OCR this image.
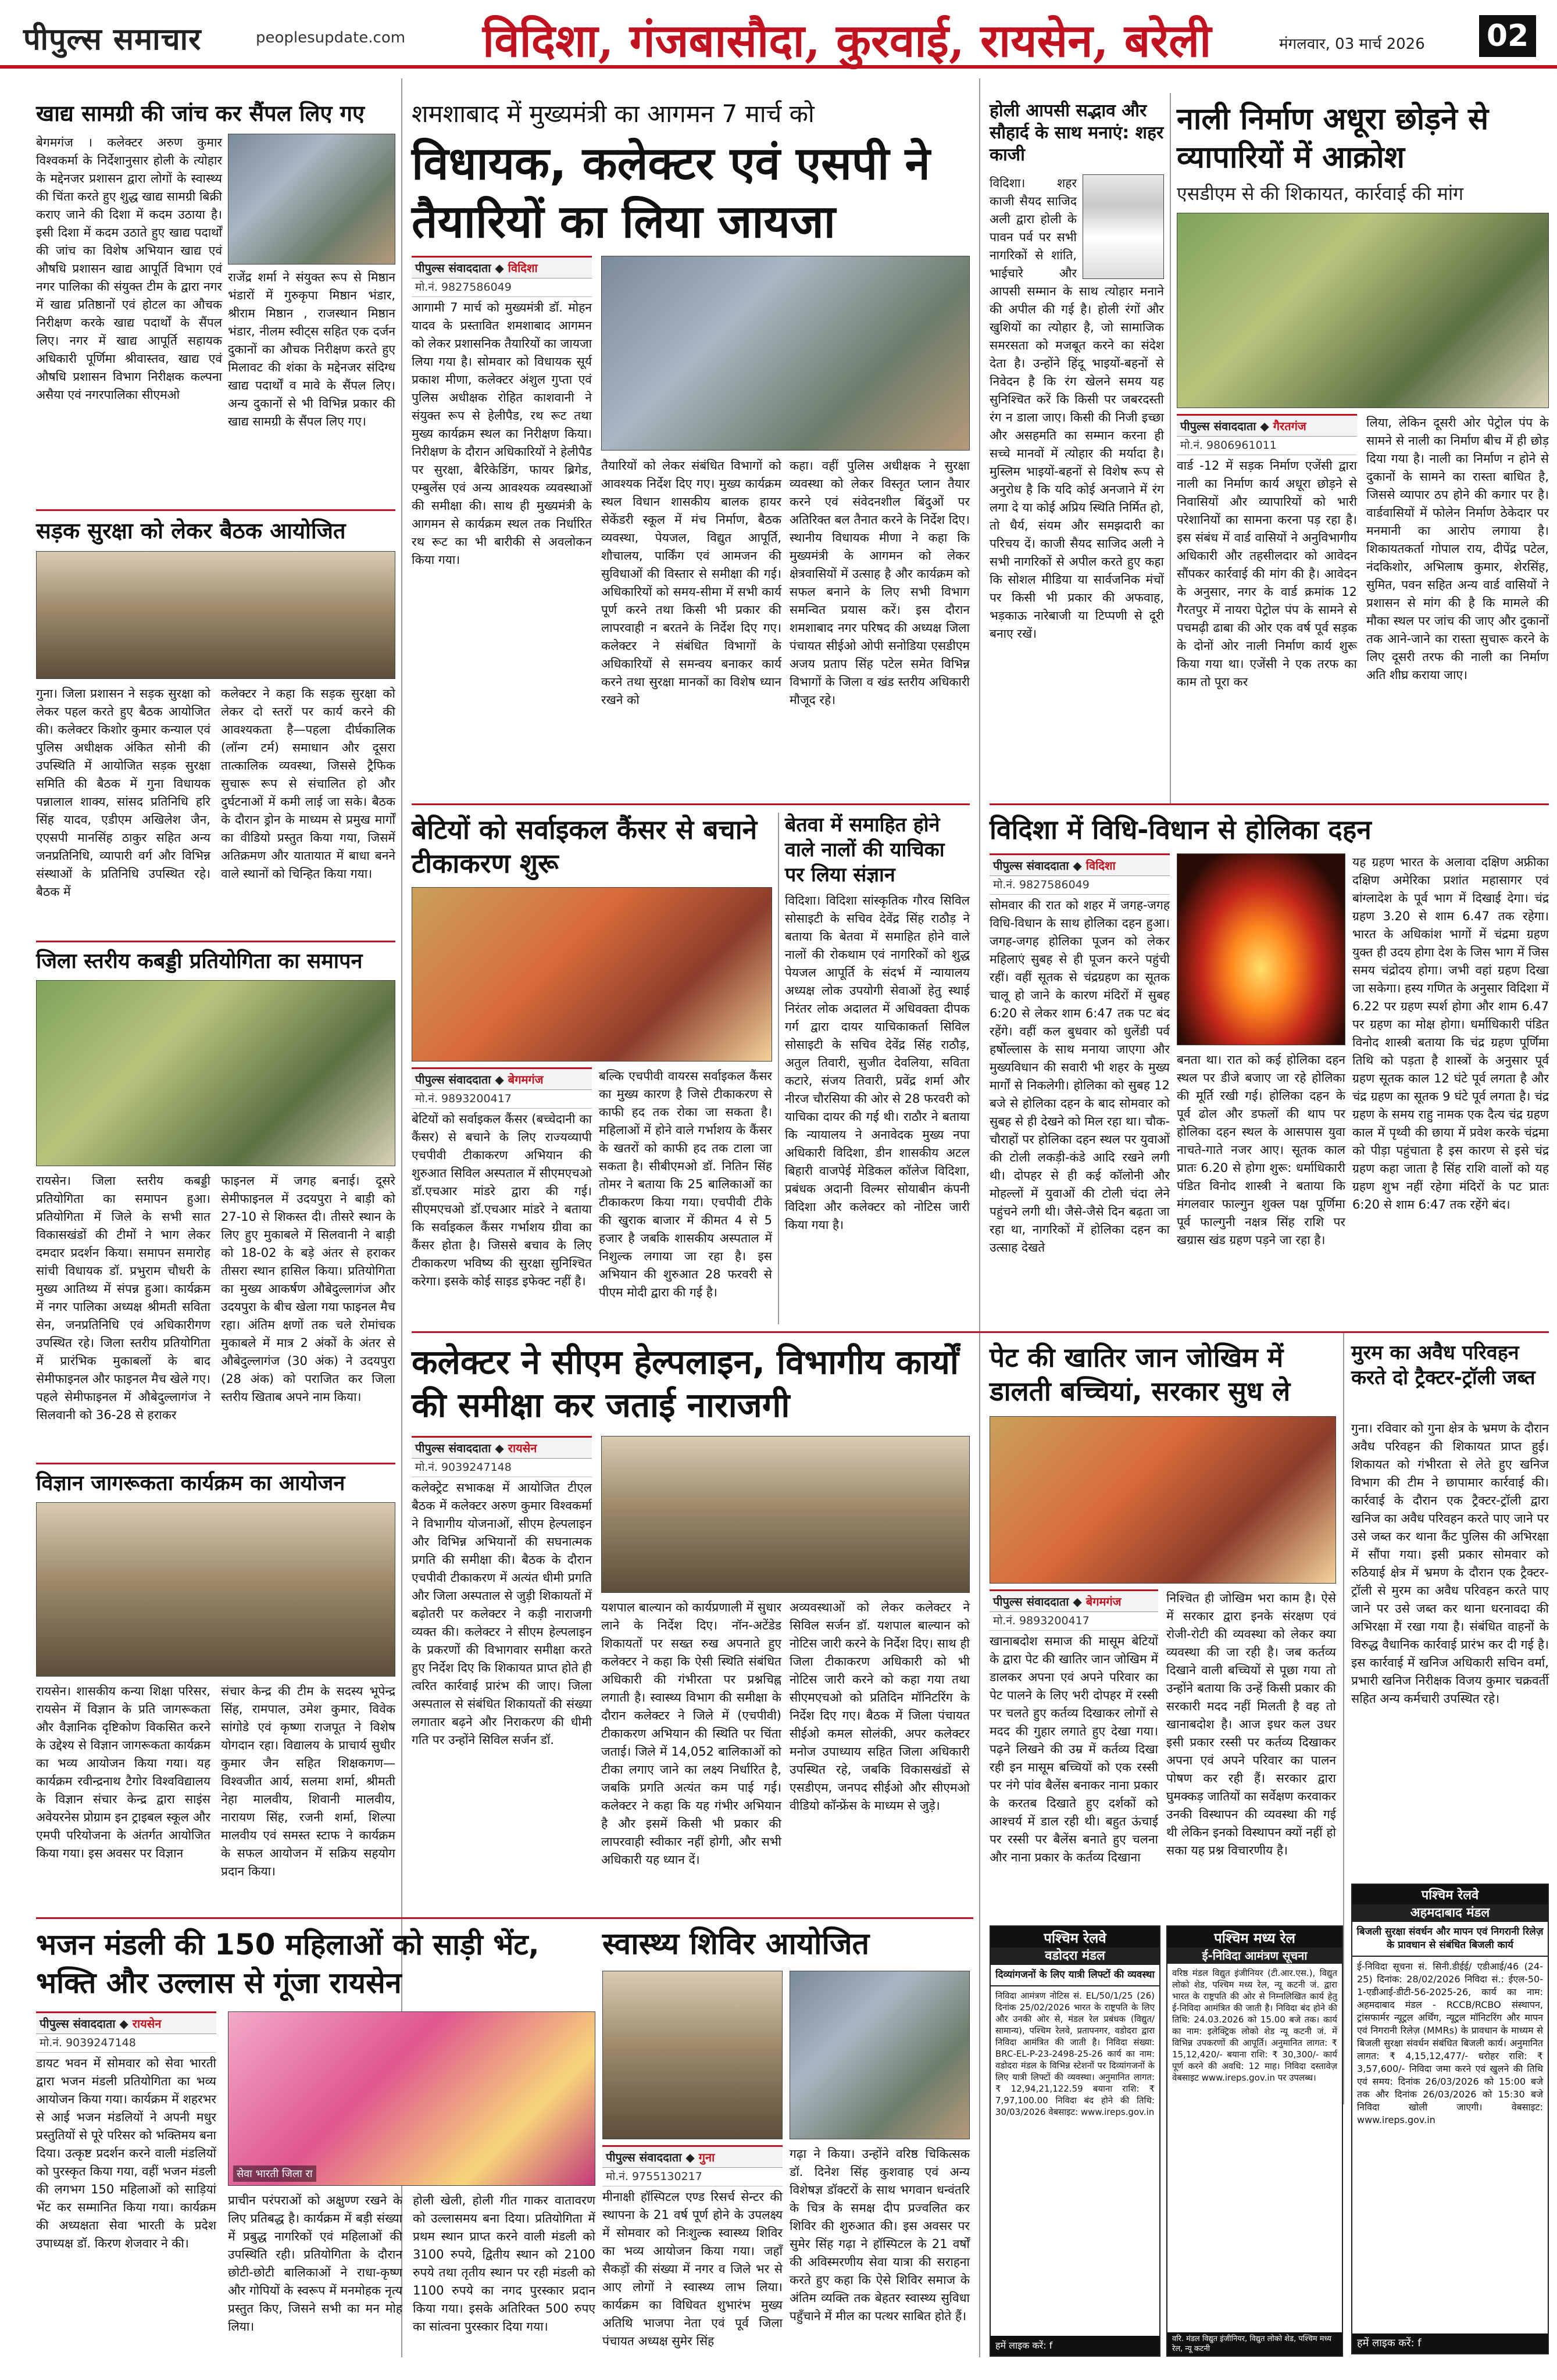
पीपुल्स समाचार	peoplesupdate.com विदिशा, गंजबासौदा, कुरवाई, रायसेन, बरेली	मंगलवार, 03 मार्च 2026 02
खाद्य सामग्री की जांच कर सैंपल लिए गए
बेगमगंज । कलेक्टर अरुण कुमार विश्वकर्मा के निर्देशानुसार होली के त्योहार के मद्देनजर प्रशासन द्वारा लोगों के स्वास्थ्य की चिंता करते हुए शुद्ध खाद्य सामग्री बिक्री कराए जाने की दिशा में कदम उठाया है। इसी दिशा में कदम उठाते हुए खाद्य पदार्थों की जांच का विशेष अभियान खाद्य एवं औषधि प्रशासन खाद्य आपूर्ति विभाग एवं नगर पालिका की संयुक्त टीम के द्वारा नगर में खाद्य प्रतिष्ठानों एवं होटल का औचक निरीक्षण करके खाद्य पदार्थों के सैंपल लिए। नगर में खाद्य आपूर्ति सहायक अधिकारी पूर्णिमा श्रीवास्तव, खाद्य एवं औषधि प्रशासन विभाग निरीक्षक कल्पना असैया एवं नगरपालिका सीएमओ
राजेंद्र शर्मा ने संयुक्त रूप से मिष्ठान भंडारों में गुरुकृपा मिष्ठान भंडार, श्रीराम मिष्ठान , राजस्थान मिष्ठान भंडार, नीलम स्वीट्स सहित एक दर्जन दुकानों का औचक निरीक्षण करते हुए मिलावट की शंका के मद्देनजर संदिग्ध खाद्य पदार्थों व मावे के सैंपल लिए। अन्य दुकानों से भी विभिन्न प्रकार की खाद्य सामग्री के सैंपल लिए गए।
सड़क सुरक्षा को लेकर बैठक आयोजित
गुना। जिला प्रशासन ने सड़क सुरक्षा को लेकर पहल करते हुए बैठक आयोजित की। कलेक्टर किशोर कुमार कन्याल एवं पुलिस अधीक्षक अंकित सोनी की उपस्थिति में आयोजित सड़क सुरक्षा समिति की बैठक में गुना विधायक पन्नालाल शाक्य, सांसद प्रतिनिधि हरि सिंह यादव, एडीएम अखिलेश जैन, एएसपी मानसिंह ठाकुर सहित अन्य जनप्रतिनिधि, व्यापारी वर्ग और विभिन्न संस्थाओं के प्रतिनिधि उपस्थित रहे। बैठक में
कलेक्टर ने कहा कि सड़क सुरक्षा को लेकर दो स्तरों पर कार्य करने की आवश्यकता है—पहला दीर्घकालिक (लॉन्ग टर्म) समाधान और दूसरा तात्कालिक व्यवस्था, जिससे ट्रैफिक सुचारू रूप से संचालित हो और दुर्घटनाओं में कमी लाई जा सके। बैठक के दौरान ड्रोन के माध्यम से प्रमुख मार्गों का वीडियो प्रस्तुत किया गया, जिसमें अतिक्रमण और यातायात में बाधा बनने वाले स्थानों को चिन्हित किया गया।
जिला स्तरीय कबड्डी प्रतियोगिता का समापन
रायसेन। जिला स्तरीय कबड्डी प्रतियोगिता का समापन हुआ। प्रतियोगिता में जिले के सभी सात विकासखंडों की टीमों ने भाग लेकर दमदार प्रदर्शन किया। समापन समारोह सांची विधायक डॉ. प्रभुराम चौधरी के मुख्य आतिथ्य में संपन्न हुआ। कार्यक्रम में नगर पालिका अध्यक्ष श्रीमती सविता सेन, जनप्रतिनिधि एवं अधिकारीगण उपस्थित रहे। जिला स्तरीय प्रतियोगिता में प्रारंभिक मुकाबलों के बाद सेमीफाइनल और फाइनल मैच खेले गए। पहले सेमीफाइनल में औबेदुल्लागंज ने सिलवानी को 36-28 से हराकर
फाइनल में जगह बनाई। दूसरे सेमीफाइनल में उदयपुरा ने बाड़ी को 27-10 से शिकस्त दी। तीसरे स्थान के लिए हुए मुकाबले में सिलवानी ने बाड़ी को 18-02 के बड़े अंतर से हराकर तीसरा स्थान हासिल किया। प्रतियोगिता का मुख्य आकर्षण औबेदुल्लागंज और उदयपुरा के बीच खेला गया फाइनल मैच रहा। अंतिम क्षणों तक चले रोमांचक मुकाबले में मात्र 2 अंकों के अंतर से औबेदुल्लागंज (30 अंक) ने उदयपुरा (28 अंक) को पराजित कर जिला स्तरीय खिताब अपने नाम किया।
विज्ञान जागरूकता कार्यक्रम का आयोजन
रायसेन। शासकीय कन्या शिक्षा परिसर, रायसेन में विज्ञान के प्रति जागरूकता और वैज्ञानिक दृष्टिकोण विकसित करने के उद्देश्य से विज्ञान जागरूकता कार्यक्रम का भव्य आयोजन किया गया। यह कार्यक्रम रवीन्द्रनाथ टैगोर विश्वविद्यालय के विज्ञान संचार केन्द्र द्वारा साइंस अवेयरनेस प्रोग्राम इन ट्राइबल स्कूल और एमपी परियोजना के अंतर्गत आयोजित किया गया। इस अवसर पर विज्ञान
संचार केन्द्र की टीम के सदस्य भूपेन्द्र सिंह, रामपाल, उमेश कुमार, विवेक सांगोडे एवं कृष्णा राजपूत ने विशेष योगदान रहा। विद्यालय के प्राचार्य सुधीर कुमार जैन सहित शिक्षकगण—विश्वजीत आर्य, सलमा शर्मा, श्रीमती नेहा मालवीय, शिवानी मालवीय, नारायण सिंह, रजनी शर्मा, शिल्पा मालवीय एवं समस्त स्टाफ ने कार्यक्रम के सफल आयोजन में सक्रिय सहयोग प्रदान किया।
भजन मंडली की 150 महिलाओं को साड़ी भेंट, भक्ति और उल्लास से गूंजा रायसेन
पीपुल्स संवाददाता ◆ रायसेन
मो.नं. 9039247148
डायट भवन में सोमवार को सेवा भारती द्वारा भजन मंडली प्रतियोगिता का भव्य आयोजन किया गया। कार्यक्रम में शहरभर से आई भजन मंडलियों ने अपनी मधुर प्रस्तुतियों से पूरे परिसर को भक्तिमय बना दिया। उत्कृष्ट प्रदर्शन करने वाली मंडलियों को पुरस्कृत किया गया, वहीं भजन मंडली की लगभग 150 महिलाओं को साड़ियां भेंट कर सम्मानित किया गया। कार्यक्रम की अध्यक्षता सेवा भारती के प्रदेश उपाध्यक्ष डॉ. किरण शेजवार ने की।
सेवा भारती जिला रा
प्राचीन परंपराओं को अक्षुण्ण रखने के लिए प्रतिबद्ध है। कार्यक्रम में बड़ी संख्या में प्रबुद्ध नागरिकों एवं महिलाओं की उपस्थिति रही। प्रतियोगिता के दौरान छोटी-छोटी बालिकाओं ने राधा-कृष्ण और गोपियों के स्वरूप में मनमोहक नृत्य प्रस्तुत किए, जिसने सभी का मन मोह लिया।
होली खेली, होली गीत गाकर वातावरण को उल्लासमय बना दिया। प्रतियोगिता में प्रथम स्थान प्राप्त करने वाली मंडली को 3100 रुपये, द्वितीय स्थान को 2100 रुपये तथा तृतीय स्थान पर रही मंडली को 1100 रुपये का नगद पुरस्कार प्रदान किया गया। इसके अतिरिक्त 500 रुपए का सांत्वना पुरस्कार दिया गया।
शमशाबाद में मुख्यमंत्री का आगमन 7 मार्च को
विधायक, कलेक्टर एवं एसपी ने तैयारियों का लिया जायजा
पीपुल्स संवाददाता ◆ विदिशा
मो.नं. 9827586049
आगामी 7 मार्च को मुख्यमंत्री डॉ. मोहन यादव के प्रस्तावित शमशाबाद आगमन को लेकर प्रशासनिक तैयारियों का जायजा लिया गया है। सोमवार को विधायक सूर्य प्रकाश मीणा, कलेक्टर अंशुल गुप्ता एवं पुलिस अधीक्षक रोहित काशवानी ने संयुक्त रूप से हेलीपैड, रथ रूट तथा मुख्य कार्यक्रम स्थल का निरीक्षण किया। निरीक्षण के दौरान अधिकारियों ने हेलीपैड पर सुरक्षा, बैरिकेडिंग, फायर ब्रिगेड, एम्बुलेंस एवं अन्य आवश्यक व्यवस्थाओं की समीक्षा की। साथ ही मुख्यमंत्री के आगमन से कार्यक्रम स्थल तक निर्धारित रथ रूट का भी बारीकी से अवलोकन किया गया।
तैयारियों को लेकर संबंधित विभागों को आवश्यक निर्देश दिए गए। मुख्य कार्यक्रम स्थल विधान शासकीय बालक हायर सेकेंडरी स्कूल में मंच निर्माण, बैठक व्यवस्था, पेयजल, विद्युत आपूर्ति, शौचालय, पार्किंग एवं आमजन की सुविधाओं की विस्तार से समीक्षा की गई। अधिकारियों को समय-सीमा में सभी कार्य पूर्ण करने तथा किसी भी प्रकार की लापरवाही न बरतने के निर्देश दिए गए। कलेक्टर ने संबंधित विभागों के अधिकारियों से समन्वय बनाकर कार्य करने तथा सुरक्षा मानकों का विशेष ध्यान रखने को
कहा। वहीं पुलिस अधीक्षक ने सुरक्षा व्यवस्था को लेकर विस्तृत प्लान तैयार करने एवं संवेदनशील बिंदुओं पर अतिरिक्त बल तैनात करने के निर्देश दिए। स्थानीय विधायक मीणा ने कहा कि मुख्यमंत्री के आगमन को लेकर क्षेत्रवासियों में उत्साह है और कार्यक्रम को सफल बनाने के लिए सभी विभाग समन्वित प्रयास करें। इस दौरान शमशाबाद नगर परिषद की अध्यक्ष जिला पंचायत सीईओ ओपी सनोडिया एसडीएम अजय प्रताप सिंह पटेल समेत विभिन्न विभागों के जिला व खंड स्तरीय अधिकारी मौजूद रहे।
बेटियों को सर्वाइकल कैंसर से बचाने टीकाकरण शुरू
पीपुल्स संवाददाता ◆ बेगमगंज
मो.नं. 9893200417
बेटियों को सर्वाइकल कैंसर (बच्चेदानी का कैंसर) से बचाने के लिए राज्यव्यापी एचपीवी टीकाकरण अभियान की शुरुआत सिविल अस्पताल में सीएमएचओ डॉ.एचआर मांडरे द्वारा की गई। सीएमएचओ डॉ.एचआर मांडरे ने बताया कि सर्वाइकल कैंसर गर्भाशय ग्रीवा का कैंसर होता है। जिससे बचाव के लिए टीकाकरण भविष्य की सुरक्षा सुनिश्चित करेगा। इसके कोई साइड इफेक्ट नहीं है।
बल्कि एचपीवी वायरस सर्वाइकल कैंसर का मुख्य कारण है जिसे टीकाकरण से काफी हद तक रोका जा सकता है। महिलाओं में होने वाले गर्भाशय के कैंसर के खतरों को काफी हद तक टाला जा सकता है। सीबीएमओ डॉ. नितिन सिंह तोमर ने बताया कि 25 बालिकाओं का टीकाकरण किया गया। एचपीवी टीके की खुराक बाजार में कीमत 4 से 5 हजार है जबकि शासकीय अस्पताल में निशुल्क लगाया जा रहा है। इस अभियान की शुरुआत 28 फरवरी से पीएम मोदी द्वारा की गई है।
बेतवा में समाहित होने वाले नालों की याचिका पर लिया संज्ञान
विदिशा। विदिशा सांस्कृतिक गौरव सिविल सोसाइटी के सचिव देवेंद्र सिंह राठौड़ ने बताया कि बेतवा में समाहित होने वाले नालों की रोकथाम एवं नागरिकों को शुद्ध पेयजल आपूर्ति के संदर्भ में न्यायालय अध्यक्ष लोक उपयोगी सेवाओं हेतु स्थाई निरंतर लोक अदालत में अधिवक्ता दीपक गर्ग द्वारा दायर याचिकाकर्ता सिविल सोसाइटी के सचिव देवेंद्र सिंह राठौड़, अतुल तिवारी, सुजीत देवलिया, सविता कटारे, संजय तिवारी, प्रवेंद्र शर्मा और नीरज चौरसिया की ओर से 28 फरवरी को याचिका दायर की गई थी। राठौर ने बताया कि न्यायालय ने अनावेदक मुख्य नपा अधिकारी विदिशा, डीन शासकीय अटल बिहारी वाजपेई मेडिकल कॉलेज विदिशा, प्रबंधक अदानी विल्मर सोयाबीन कंपनी विदिशा और कलेक्टर को नोटिस जारी किया गया है।
कलेक्टर ने सीएम हेल्पलाइन, विभागीय कार्यों की समीक्षा कर जताई नाराजगी
पीपुल्स संवाददाता ◆ रायसेन
मो.नं. 9039247148
कलेक्ट्रेट सभाकक्ष में आयोजित टीएल बैठक में कलेक्टर अरुण कुमार विश्वकर्मा ने विभागीय योजनाओं, सीएम हेल्पलाइन और विभिन्न अभियानों की सघनात्मक प्रगति की समीक्षा की। बैठक के दौरान एचपीवी टीकाकरण में अत्यंत धीमी प्रगति और जिला अस्पताल से जुड़ी शिकायतों में बढ़ोतरी पर कलेक्टर ने कड़ी नाराजगी व्यक्त की। कलेक्टर ने सीएम हेल्पलाइन के प्रकरणों की विभागवार समीक्षा करते हुए निर्देश दिए कि शिकायत प्राप्त होते ही त्वरित कार्रवाई प्रारंभ की जाए। जिला अस्पताल से संबंधित शिकायतों की संख्या लगातार बढ़ने और निराकरण की धीमी गति पर उन्होंने सिविल सर्जन डॉ.
यशपाल बाल्यान को कार्यप्रणाली में सुधार लाने के निर्देश दिए। नॉन-अटेंडेड शिकायतों पर सख्त रुख अपनाते हुए कलेक्टर ने कहा कि ऐसी स्थिति संबंधित अधिकारी की गंभीरता पर प्रश्नचिह्न लगाती है। स्वास्थ्य विभाग की समीक्षा के दौरान कलेक्टर ने जिले में (एचपीवी) टीकाकरण अभियान की स्थिति पर चिंता जताई। जिले में 14,052 बालिकाओं को टीका लगाए जाने का लक्ष्य निर्धारित है, जबकि प्रगति अत्यंत कम पाई गई। कलेक्टर ने कहा कि यह गंभीर अभियान है और इसमें किसी भी प्रकार की लापरवाही स्वीकार नहीं होगी, और सभी अधिकारी यह ध्यान दें।
अव्यवस्थाओं को लेकर कलेक्टर ने सिविल सर्जन डॉ. यशपाल बाल्यान को नोटिस जारी करने के निर्देश दिए। साथ ही जिला टीकाकरण अधिकारी को भी नोटिस जारी करने को कहा गया तथा सीएमएचओ को प्रतिदिन मॉनिटरिंग के निर्देश दिए गए। बैठक में जिला पंचायत सीईओ कमल सोलंकी, अपर कलेक्टर मनोज उपाध्याय सहित जिला अधिकारी उपस्थित रहे, जबकि विकासखंडों से एसडीएम, जनपद सीईओ और सीएमओ वीडियो कॉन्फ्रेंस के माध्यम से जुड़े।
स्वास्थ्य शिविर आयोजित
पीपुल्स संवाददाता ◆ गुना
मो.नं. 9755130217
मीनाक्षी हॉस्पिटल एण्ड रिसर्च सेन्टर की स्थापना के 21 वर्ष पूर्ण होने के उपलक्ष्य में सोमवार को निःशुल्क स्वास्थ्य शिविर का भव्य आयोजन किया गया। जहाँ सैकड़ों की संख्या में नगर व जिले भर से आए लोगों ने स्वास्थ्य लाभ लिया। कार्यक्रम का विधिवत शुभारंभ मुख्य अतिथि भाजपा नेता एवं पूर्व जिला पंचायत अध्यक्ष सुमेर सिंह
गढ़ा ने किया। उन्होंने वरिष्ठ चिकित्सक डॉ. दिनेश सिंह कुशवाह एवं अन्य विशेषज्ञ डॉक्टरों के साथ भगवान धन्वंतरि के चित्र के समक्ष दीप प्रज्वलित कर शिविर की शुरुआत की। इस अवसर पर सुमेर सिंह गढ़ा ने हॉस्पिटल के 21 वर्षों की अविस्मरणीय सेवा यात्रा की सराहना करते हुए कहा कि ऐसे शिविर समाज के अंतिम व्यक्ति तक बेहतर स्वास्थ्य सुविधा पहुँचाने में मील का पत्थर साबित होते हैं।
होली आपसी सद्भाव और सौहार्द के साथ मनाएं: शहर काजी
विदिशा। शहर काजी सैयद साजिद अली द्वारा होली के पावन पर्व पर सभी नागरिकों से शांति, भाईचारे और आपसी सम्मान के साथ त्योहार मनाने की अपील की गई है। होली रंगों और खुशियों का त्योहार है, जो सामाजिक समरसता को मजबूत करने का संदेश देता है। उन्होंने हिंदू भाइयों-बहनों से निवेदन है कि रंग खेलने समय यह सुनिश्चित करें कि किसी पर जबरदस्ती रंग न डाला जाए। किसी की निजी इच्छा और असहमति का सम्मान करना ही सच्चे मानवों में त्योहार की मर्यादा है। मुस्लिम भाइयों-बहनों से विशेष रूप से अनुरोध है कि यदि कोई अनजाने में रंग लगा दे या कोई अप्रिय स्थिति निर्मित हो, तो धैर्य, संयम और समझदारी का परिचय दें। काजी सैयद साजिद अली ने सभी नागरिकों से अपील करते हुए कहा कि सोशल मीडिया या सार्वजनिक मंचों पर किसी भी प्रकार की अफवाह, भड़काऊ नारेबाजी या टिप्पणी से दूरी बनाए रखें।
नाली निर्माण अधूरा छोड़ने से व्यापारियों में आक्रोश
एसडीएम से की शिकायत, कार्रवाई की मांग
पीपुल्स संवाददाता ◆ गैरतगंज
मो.नं. 9806961011
वार्ड -12 में सड़क निर्माण एजेंसी द्वारा नाली का निर्माण कार्य अधूरा छोड़ने से निवासियों और व्यापारियों को भारी परेशानियों का सामना करना पड़ रहा है। इस संबंध में वार्ड वासियों ने अनुविभागीय अधिकारी और तहसीलदार को आवेदन सौंपकर कार्रवाई की मांग की है। आवेदन के अनुसार, नगर के वार्ड क्रमांक 12 गैरतपुर में नायरा पेट्रोल पंप के सामने से पचमढ़ी ढाबा की ओर एक वर्ष पूर्व सड़क के दोनों ओर नाली निर्माण कार्य शुरू किया गया था। एजेंसी ने एक तरफ का काम तो पूरा कर
लिया, लेकिन दूसरी ओर पेट्रोल पंप के सामने से नाली का निर्माण बीच में ही छोड़ दिया गया है। नाली का निर्माण न होने से दुकानों के सामने का रास्ता बाधित है, जिससे व्यापार ठप होने की कगार पर है। वार्डवासियों में फोलेन निर्माण ठेकेदार पर मनमानी का आरोप लगाया है। शिकायतकर्ता गोपाल राय, दीपेंद्र पटेल, नंदकिशोर, अभिलाष कुमार, शेरसिंह, सुमित, पवन सहित अन्य वार्ड वासियों ने प्रशासन से मांग की है कि मामले की मौका स्थल पर जांच की जाए और दुकानों तक आने-जाने का रास्ता सुचारू करने के लिए दूसरी तरफ की नाली का निर्माण अति शीघ्र कराया जाए।
विदिशा में विधि-विधान से होलिका दहन
पीपुल्स संवाददाता ◆ विदिशा
मो.नं. 9827586049
सोमवार की रात को शहर में जगह-जगह विधि-विधान के साथ होलिका दहन हुआ। जगह-जगह होलिका पूजन को लेकर महिलाएं सुबह से ही पूजन करने पहुंची रहीं। वहीं सूतक से चंद्रग्रहण का सूतक चालू हो जाने के कारण मंदिरों में सुबह 6:20 से लेकर शाम 6:47 तक पट बंद रहेंगे। वहीं कल बुधवार को धुलेंडी पर्व हर्षोल्लास के साथ मनाया जाएगा और मुख्यविधान की सवारी भी शहर के मुख्य मार्गों से निकलेगी। होलिका को सुबह 12 बजे से होलिका दहन के बाद सोमवार को सुबह से ही देखने को मिल रहा था। चौक-चौराहों पर होलिका दहन स्थल पर युवाओं की टोली लकड़ी-कंडे आदि रखने लगी थी। दोपहर से ही कई कॉलोनी और मोहल्लों में युवाओं की टोली चंदा लेने पहुंचने लगी थी। जैसे-जैसे दिन बढ़ता जा रहा था, नागरिकों में होलिका दहन का उत्साह देखते
बनता था। रात को कई होलिका दहन स्थल पर डीजे बजाए जा रहे होलिका की मूर्ति रखी गई। होलिका दहन के पूर्व ढोल और डफलों की थाप पर होलिका दहन स्थल के आसपास युवा नाचते-गाते नजर आए। सूतक काल प्रातः 6.20 से होगा शुरू: धर्माधिकारी पंडित विनोद शास्त्री ने बताया कि मंगलवार फाल्गुन शुक्ल पक्ष पूर्णिमा पूर्व फाल्गुनी नक्षत्र सिंह राशि पर खग्रास खंड ग्रहण पड़ने जा रहा है।
यह ग्रहण भारत के अलावा दक्षिण अफ्रीका दक्षिण अमेरिका प्रशांत महासागर एवं बांग्लादेश के पूर्व भाग में दिखाई देगा। चंद्र ग्रहण 3.20 से शाम 6.47 तक रहेगा। भारत के अधिकांश भागों में चंद्रमा ग्रहण युक्त ही उदय होगा देश के जिस भाग में जिस समय चंद्रोदय होगा। जभी वहां ग्रहण दिखा जा सकेगा। हस्य गणित के अनुसार विदिशा में 6.22 पर ग्रहण स्पर्श होगा और शाम 6.47 पर ग्रहण का मोक्ष होगा। धर्माधिकारी पंडित विनोद शास्त्री बताया कि चंद्र ग्रहण पूर्णिमा तिथि को पड़ता है शास्त्रों के अनुसार पूर्व ग्रहण सूतक काल 12 घंटे पूर्व लगता है और चंद्र ग्रहण का सूतक 9 घंटे पूर्व लगता है। चंद्र ग्रहण के समय राहु नामक एक दैत्य चंद्र ग्रहण काल में पृथ्वी की छाया में प्रवेश करके चंद्रमा को पीड़ा पहुंचाता है इस कारण से इसे चंद्र ग्रहण कहा जाता है सिंह राशि वालों को यह ग्रहण शुभ नहीं रहेगा मंदिरों के पट प्रातः 6:20 से शाम 6:47 तक रहेंगे बंद।
पेट की खातिर जान जोखिम में डालती बच्चियां, सरकार सुध ले
पीपुल्स संवाददाता ◆ बेगमगंज
मो.नं. 9893200417
खानाबदोश समाज की मासूम बेटियों के द्वारा पेट की खातिर जान जोखिम में डालकर अपना एवं अपने परिवार का पेट पालने के लिए भरी दोपहर में रस्सी पर चलते हुए कर्तव्य दिखाकर लोगों से मदद की गुहार लगाते हुए देखा गया। पढ़ने लिखने की उम्र में कर्तव्य दिखा रही इन मासूम बच्चियों को एक रस्सी पर नंगे पांव बैलेंस बनाकर नाना प्रकार के करतब दिखाते हुए दर्शकों को आश्चर्य में डाल रही थी। बहुत ऊंचाई पर रस्सी पर बैलेंस बनाते हुए चलना और नाना प्रकार के कर्तव्य दिखाना
निश्चित ही जोखिम भरा काम है। ऐसे में सरकार द्वारा इनके संरक्षण एवं रोजी-रोटी की व्यवस्था को लेकर क्या व्यवस्था की जा रही है। जब कर्तव्य दिखाने वाली बच्चियों से पूछा गया तो उन्होंने बताया कि उन्हें किसी प्रकार की सरकारी मदद नहीं मिलती है वह तो खानाबदोश है। आज इधर कल उधर इसी प्रकार रस्सी पर कर्तव्य दिखाकर अपना एवं अपने परिवार का पालन पोषण कर रही हैं। सरकार द्वारा घुमक्कड़ जातियों का सर्वेक्षण करवाकर उनकी विस्थापन की व्यवस्था की गई थी लेकिन इनको विस्थापन क्यों नहीं हो सका यह प्रश्न विचारणीय है।
मुरम का अवैध परिवहन करते दो ट्रैक्टर-ट्रॉली जब्त
गुना। रविवार को गुना क्षेत्र के भ्रमण के दौरान अवैध परिवहन की शिकायत प्राप्त हुई। शिकायत को गंभीरता से लेते हुए खनिज विभाग की टीम ने छापामार कार्रवाई की। कार्रवाई के दौरान एक ट्रैक्टर-ट्रॉली द्वारा खनिज का अवैध परिवहन करते पाए जाने पर उसे जब्त कर थाना कैंट पुलिस की अभिरक्षा में सौंपा गया। इसी प्रकार सोमवार को रुठियाई क्षेत्र में भ्रमण के दौरान एक ट्रैक्टर-ट्रॉली से मुरम का अवैध परिवहन करते पाए जाने पर उसे जब्त कर थाना धरनावदा की अभिरक्षा में रखा गया है। संबंधित वाहनों के विरुद्ध वैधानिक कार्रवाई प्रारंभ कर दी गई है। इस कार्रवाई में खनिज अधिकारी सचिन वर्मा, प्रभारी खनिज निरीक्षक विजय कुमार चक्रवर्ती सहित अन्य कर्मचारी उपस्थित रहे।
पश्चिम रेलवे
अहमदाबाद मंडल
बिजली सुरक्षा संवर्धन और मापन एवं निगरानी रिलेज़ के प्रावधान से संबंधित बिजली कार्य
ई-निविदा सूचना सं. सिनी.डीईई/ एडीआई/46 (24-25) दिनांक: 28/02/2026 निविदा सं.: ईएल-50-1-एडीआई-डीटी-56-2025-26, कार्य का नाम: अहमदाबाद मंडल - RCCB/RCBO संस्थापन, ट्रांसफार्मर न्यूट्रल अर्थिंग, न्यूट्रल मॉनिटरिंग और मापन एवं निगरानी रिलेज़ (MMRs) के प्रावधान के माध्यम से बिजली सुरक्षा संवर्धन संबंधित बिजली कार्य। अनुमानित लागत: ₹ 4,15,12,477/- धरोहर राशि: ₹ 3,57,600/- निविदा जमा करने एवं खुलने की तिथि एवं समय: दिनांक 26/03/2026 को 15:00 बजे तक और दिनांक 26/03/2026 को 15:30 बजे निविदा खोली जाएगी। वेबसाइट: www.ireps.gov.in
हमें लाइक करें: f facebook.com/WesternRly
पश्चिम रेलवे
वडोदरा मंडल
दिव्यांगजनों के लिए यात्री लिफ्टों की व्यवस्था
निविदा आमंत्रण नोटिस सं. EL/50/1/25 (26) दिनांक 25/02/2026 भारत के राष्ट्रपति के लिए और उनकी ओर से, मंडल रेल प्रबंधक (विद्युत/सामान्य), पश्चिम रेलवे, प्रतापनगर, वडोदरा द्वारा निविदा आमंत्रित की जाती है। निविदा संख्या: BRC-EL-P-23-2498-25-26 कार्य का नाम: वडोदरा मंडल के विभिन्न स्टेशनों पर दिव्यांगजनों के लिए यात्री लिफ्टों की व्यवस्था। अनुमानित लागत: ₹ 12,94,21,122.59 बयाना राशि: ₹ 7,97,100.00 निविदा बंद होने की तिथि: 30/03/2026 वेबसाइट: www.ireps.gov.in
हमें लाइक करें: f facebook.com/WesternRly
पश्चिम मध्य रेल
ई-निविदा आमंत्रण सूचना
वरिष्ठ मंडल विद्युत इंजीनियर (टी.आर.एस.), विद्युत लोको शेड, पश्चिम मध्य रेल, न्यू कटनी जं. द्वारा भारत के राष्ट्रपति की ओर से निम्नलिखित कार्य हेतु ई-निविदा आमंत्रित की जाती है। निविदा बंद होने की तिथि: 24.03.2026 को 15.00 बजे तक। कार्य का नाम: इलेक्ट्रिक लोको शेड न्यू कटनी जं. में विभिन्न उपकरणों की आपूर्ति। अनुमानित लागत: ₹ 15,12,420/- बयाना राशि: ₹ 30,300/- कार्य पूर्ण करने की अवधि: 12 माह। निविदा दस्तावेज़ वेबसाइट www.ireps.gov.in पर उपलब्ध।
वरि. मंडल विद्युत इंजीनियर, विद्युत लोको शेड, पश्चिम मध्य रेल, न्यू कटनी
